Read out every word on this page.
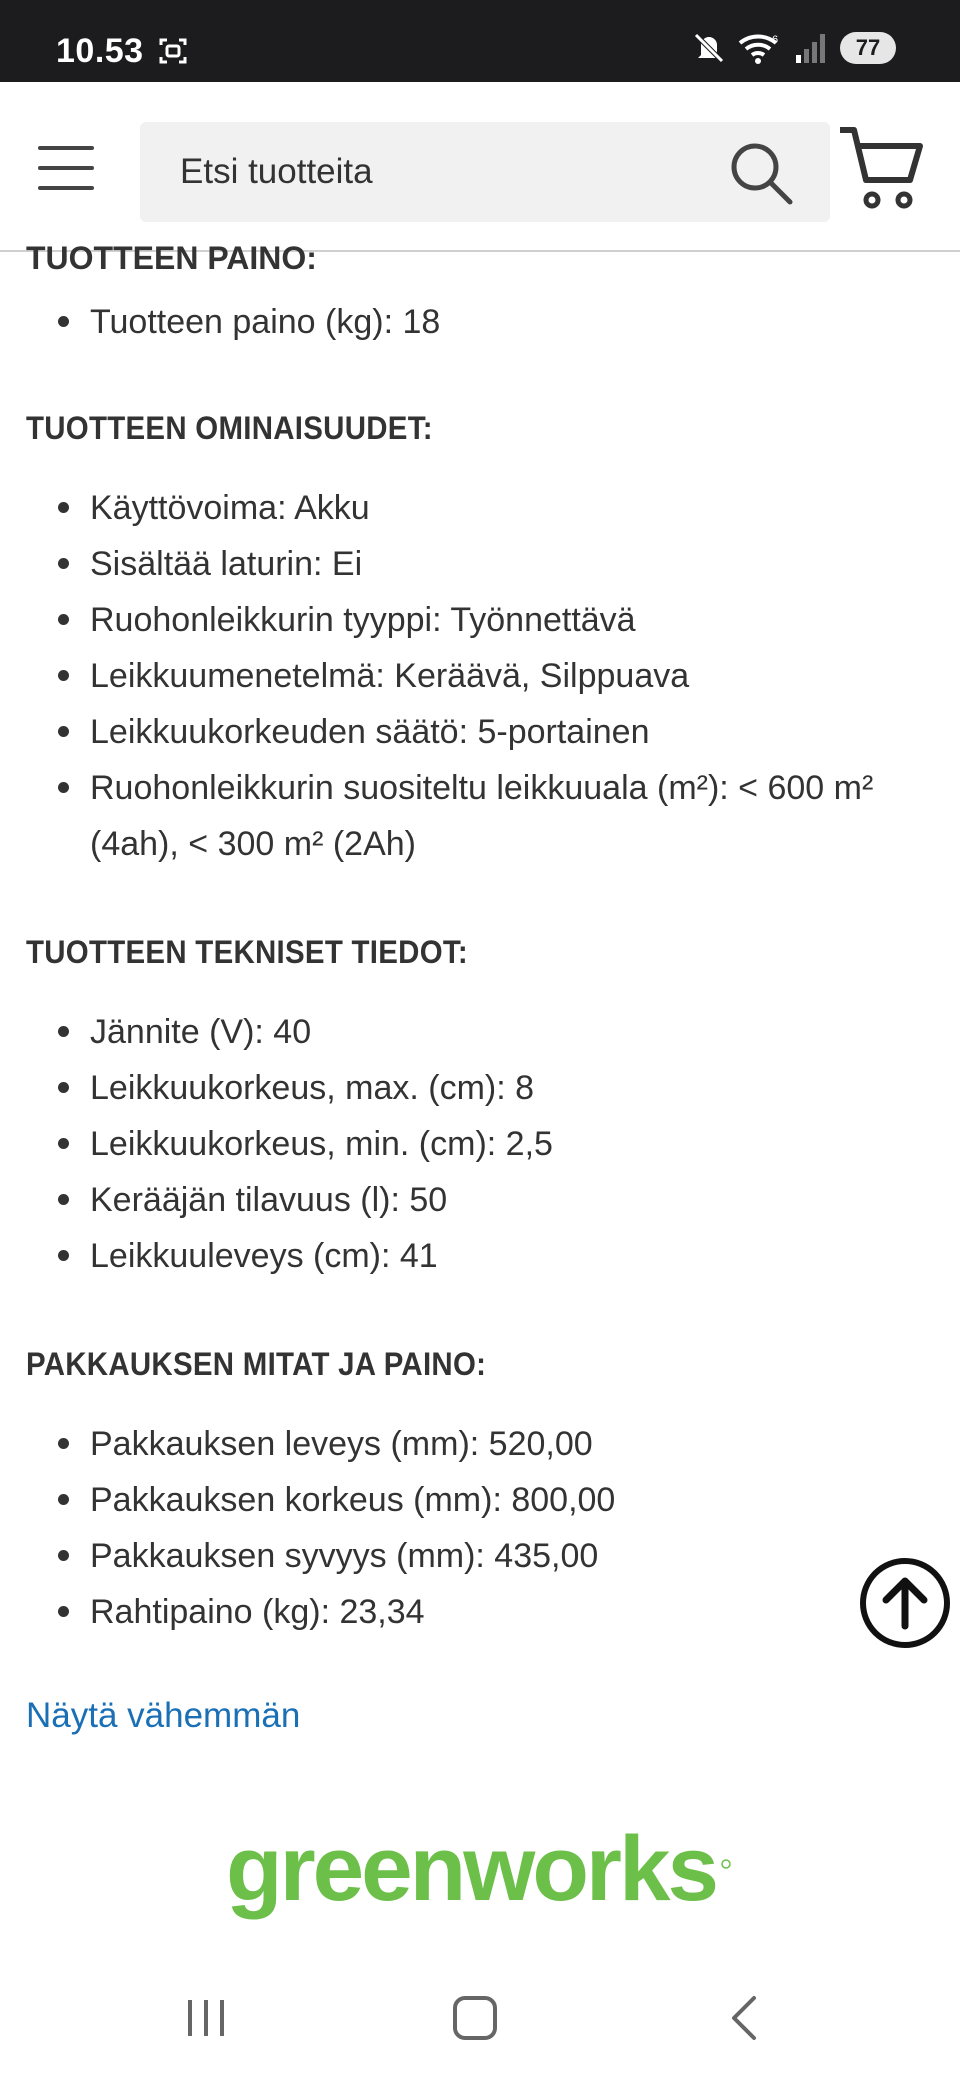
10.53	6	77
Etsi tuotteita
TUOTTEEN PAINO:
Tuotteen paino (kg): 18
TUOTTEEN OMINAISUUDET:
Käyttövoima: Akku
Sisältää laturin: Ei
Ruohonleikkurin tyyppi: Työnnettävä
Leikkuumenetelmä: Keräävä, Silppuava
Leikkuukorkeuden säätö: 5-portainen
Ruohonleikkurin suositeltu leikkuuala (m²): < 600 m² (4ah), < 300 m² (2Ah)
TUOTTEEN TEKNISET TIEDOT:
Jännite (V): 40
Leikkuukorkeus, max. (cm): 8
Leikkuukorkeus, min. (cm): 2,5
Kerääjän tilavuus (l): 50
Leikkuuleveys (cm): 41
PAKKAUKSEN MITAT JA PAINO:
Pakkauksen leveys (mm): 520,00
Pakkauksen korkeus (mm): 800,00
Pakkauksen syvyys (mm): 435,00
Rahtipaino (kg): 23,34
Näytä vähemmän
greenworks
